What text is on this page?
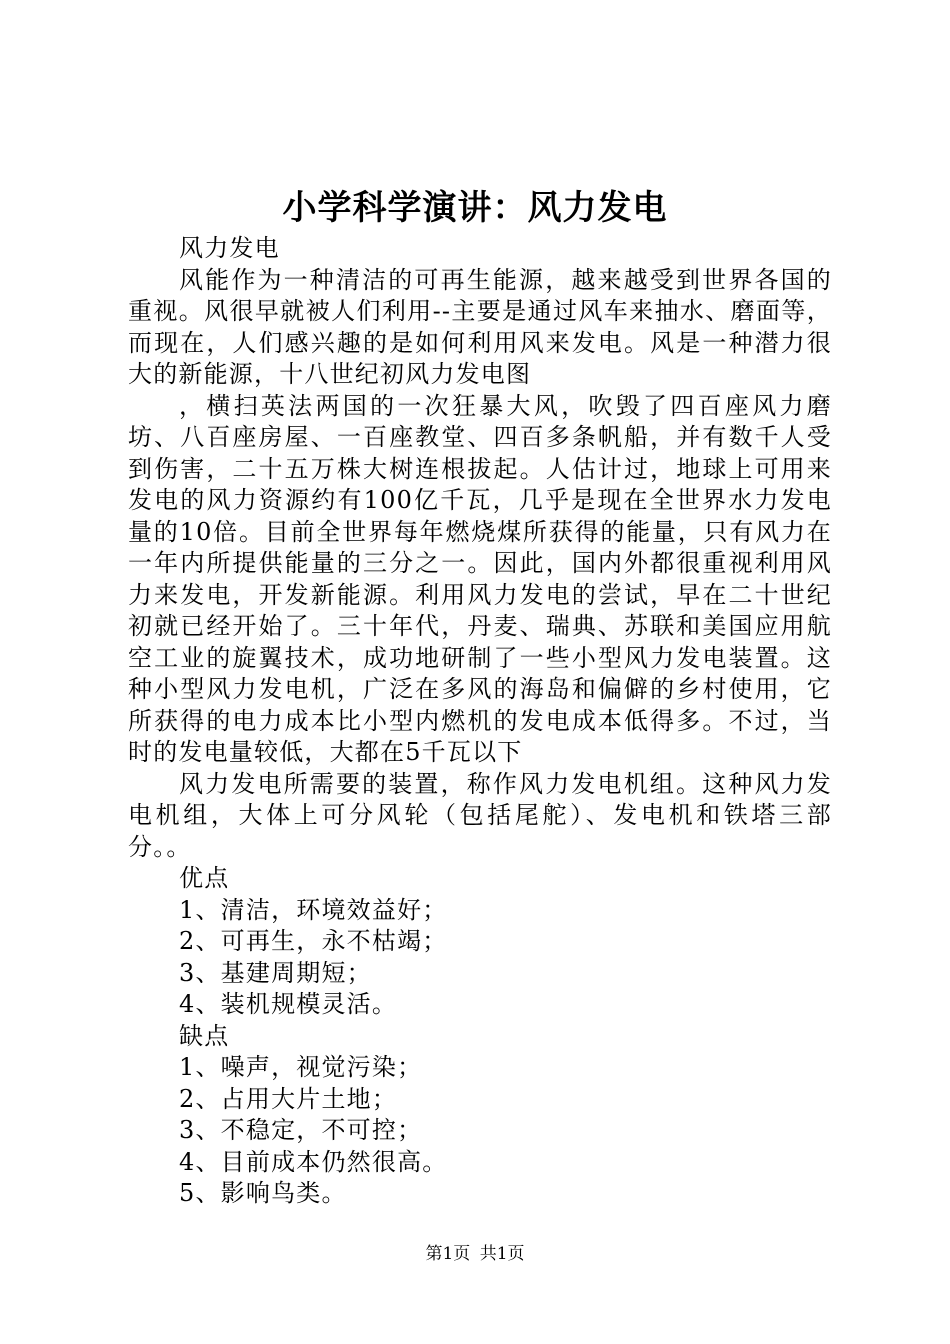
小学科学演讲：风力发电

风力发电

风能作为一种清洁的可再生能源，越来越受到世界各国的重视。风很早就被人们利用--主要是通过风车来抽水、磨面等，而现在，人们感兴趣的是如何利用风来发电。风是一种潜力很大的新能源，十八世纪初风力发电图

，横扫英法两国的一次狂暴大风，吹毁了四百座风力磨坊、八百座房屋、一百座教堂、四百多条帆船，并有数千人受到伤害，二十五万株大树连根拔起。人估计过，地球上可用来发电的风力资源约有100亿千瓦，几乎是现在全世界水力发电量的10倍。目前全世界每年燃烧煤所获得的能量，只有风力在一年内所提供能量的三分之一。因此，国内外都很重视利用风力来发电，开发新能源。利用风力发电的尝试，早在二十世纪初就已经开始了。三十年代，丹麦、瑞典、苏联和美国应用航空工业的旋翼技术，成功地研制了一些小型风力发电装置。这种小型风力发电机，广泛在多风的海岛和偏僻的乡村使用，它所获得的电力成本比小型内燃机的发电成本低得多。不过，当时的发电量较低，大都在5千瓦以下

风力发电所需要的装置，称作风力发电机组。这种风力发电机组，大体上可分风轮（包括尾舵）、发电机和铁塔三部分。。

优点

1、清洁，环境效益好；

2、可再生，永不枯竭；

3、基建周期短；

4、装机规模灵活。

缺点

1、噪声，视觉污染；

2、占用大片土地；

3、不稳定，不可控；

4、目前成本仍然很高。

5、影响鸟类。

第1页 共1页
